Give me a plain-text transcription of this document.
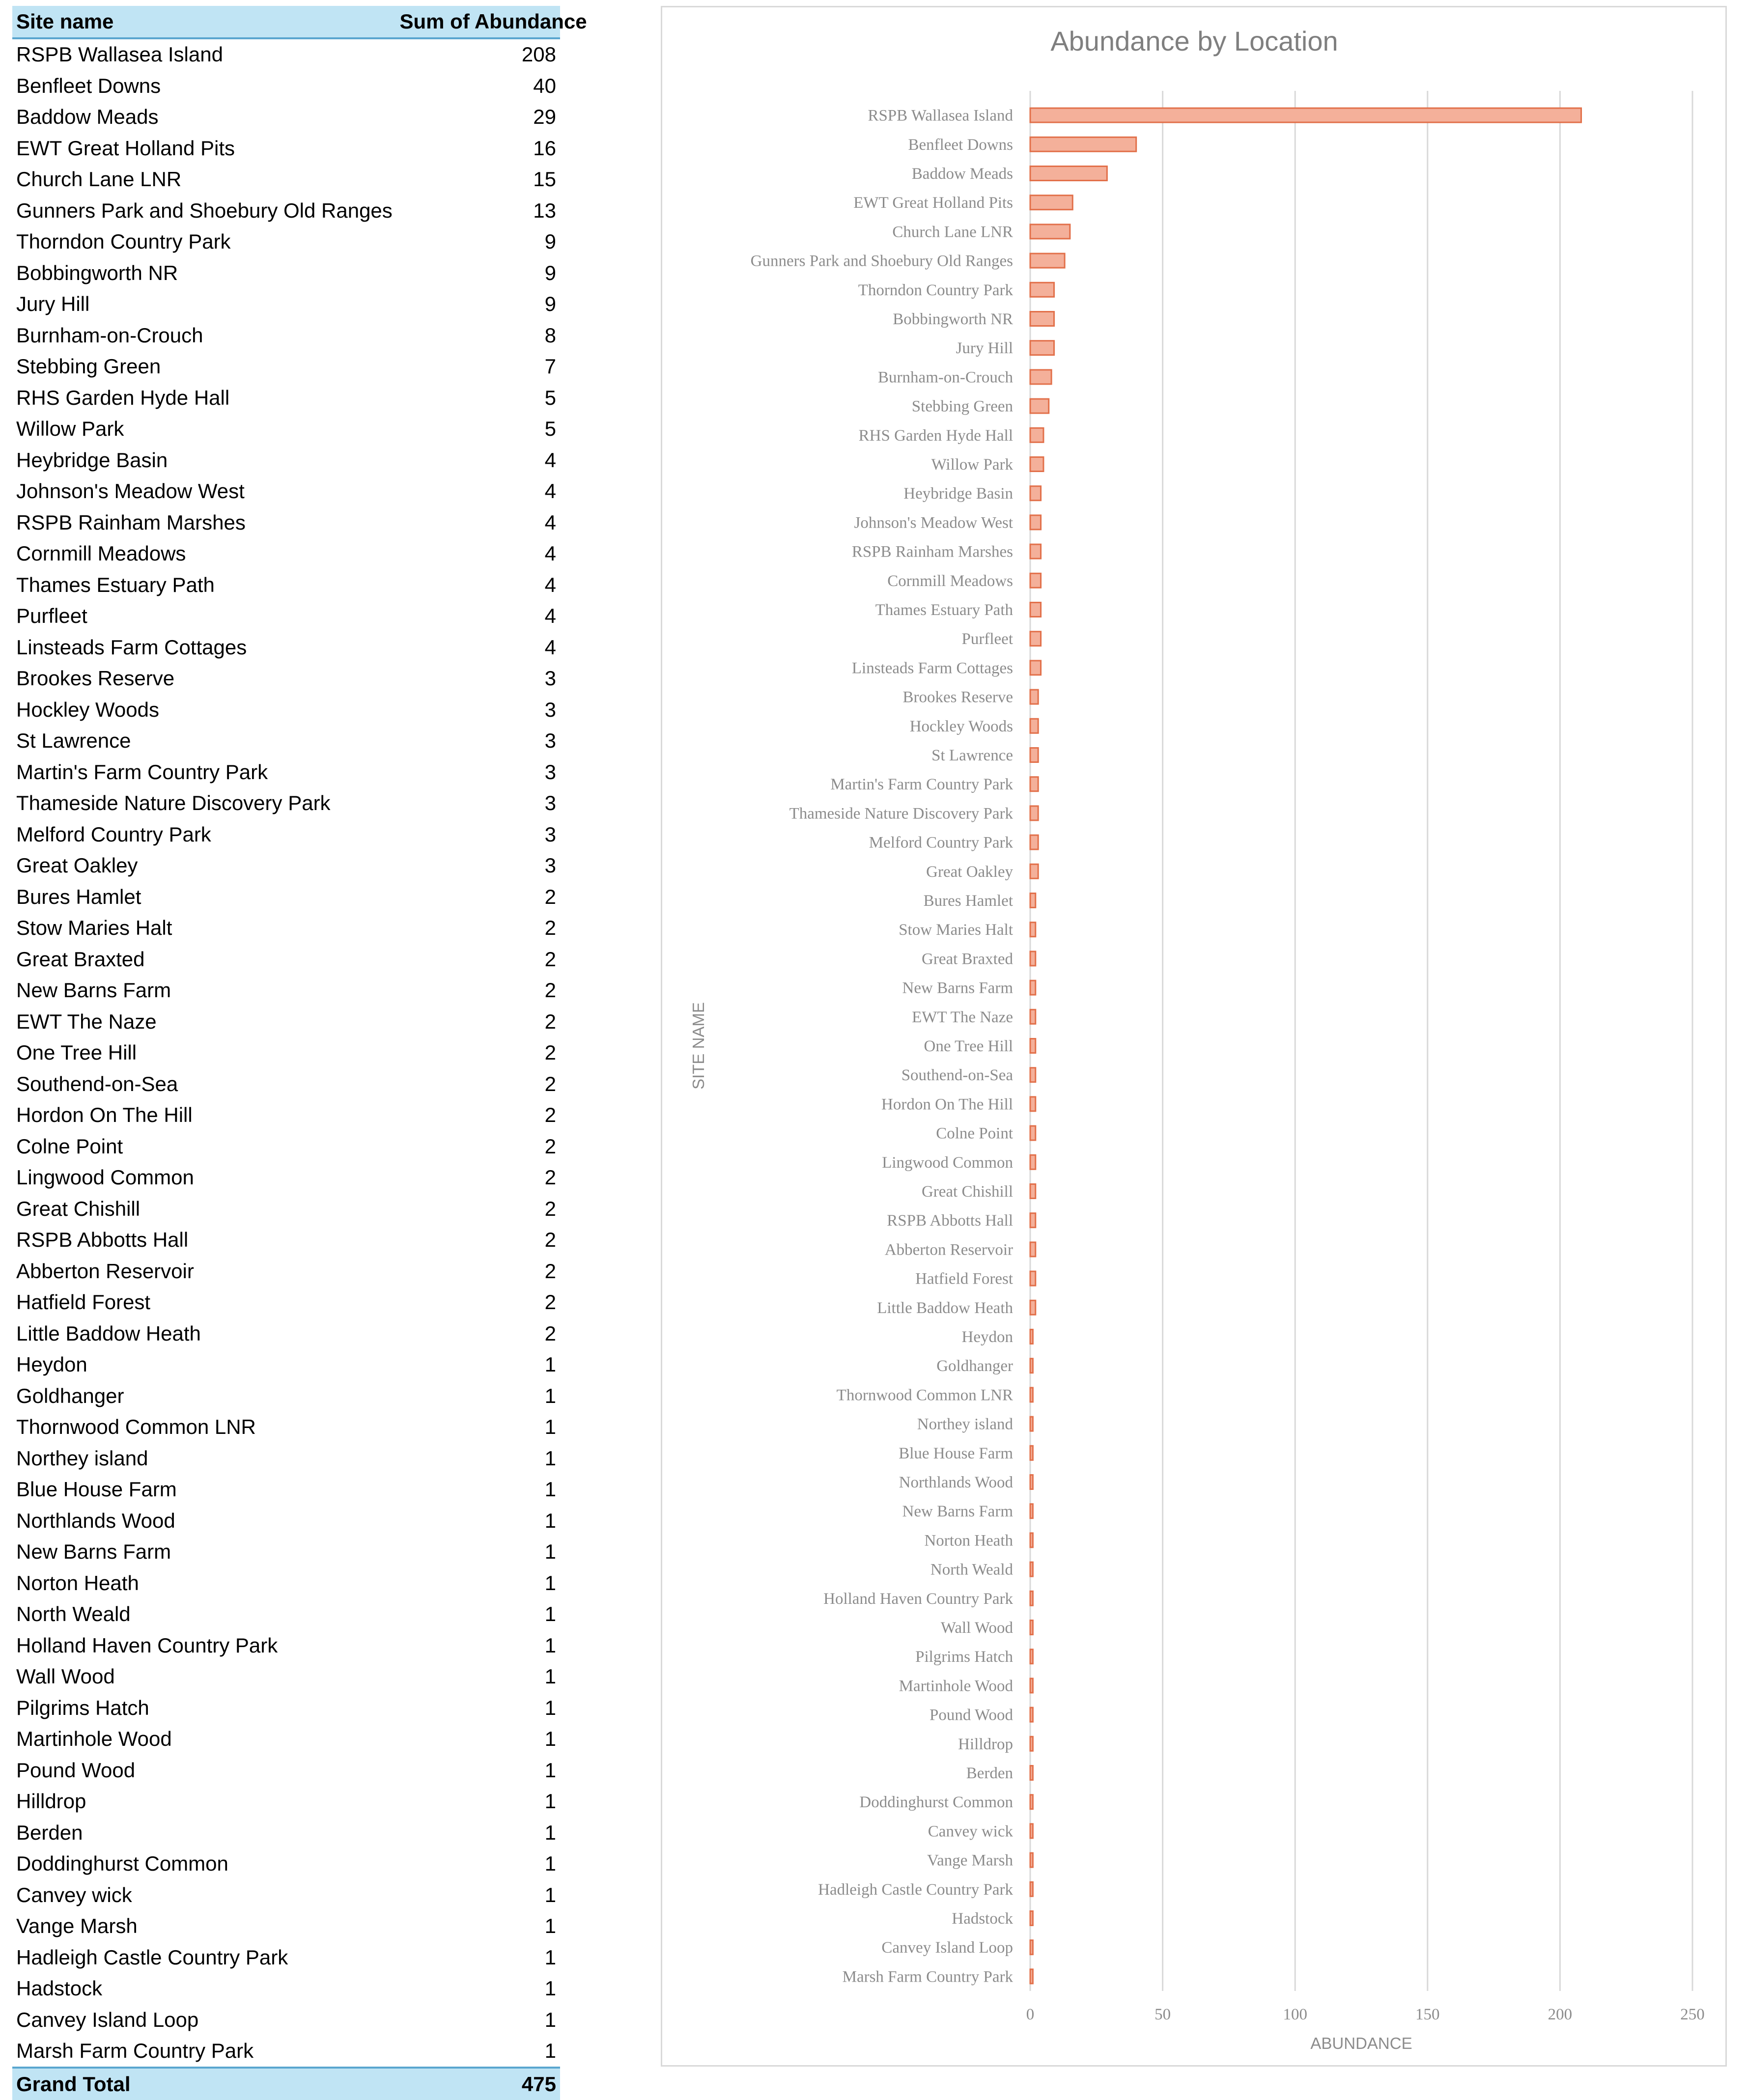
Site name	Sum of Abundance
RSPB Wallasea Island	208
Benfleet Downs	40
Baddow Meads	29
EWT Great Holland Pits	16
Church Lane LNR	15
Gunners Park and Shoebury Old Ranges	13
Thorndon Country Park	9
Bobbingworth NR	9
Jury Hill	9
Burnham-on-Crouch	8
Stebbing Green	7
RHS Garden Hyde Hall	5
Willow Park	5
Heybridge Basin	4
Johnson's Meadow West	4
RSPB Rainham Marshes	4
Cornmill Meadows	4
Thames Estuary Path	4
Purfleet	4
Linsteads Farm Cottages	4
Brookes Reserve	3
Hockley Woods	3
St Lawrence	3
Martin's Farm Country Park	3
Thameside Nature Discovery Park	3
Melford Country Park	3
Great Oakley	3
Bures Hamlet	2
Stow Maries Halt	2
Great Braxted	2
New Barns Farm	2
EWT The Naze	2
One Tree Hill	2
Southend-on-Sea	2
Hordon On The Hill	2
Colne Point	2
Lingwood Common	2
Great Chishill	2
RSPB Abbotts Hall	2
Abberton Reservoir	2
Hatfield Forest	2
Little Baddow Heath	2
Heydon	1
Goldhanger	1
Thornwood Common LNR	1
Northey island	1
Blue House Farm	1
Northlands Wood	1
New Barns Farm	1
Norton Heath	1
North Weald	1
Holland Haven Country Park	1
Wall Wood	1
Pilgrims Hatch	1
Martinhole Wood	1
Pound Wood	1
Hilldrop	1
Berden	1
Doddinghurst Common	1
Canvey wick	1
Vange Marsh	1
Hadleigh Castle Country Park	1
Hadstock	1
Canvey Island Loop	1
Marsh Farm Country Park	1
Grand Total	475
Abundance by Location
RSPB Wallasea Island
Benfleet Downs
Baddow Meads
EWT Great Holland Pits
Church Lane LNR
Gunners Park and Shoebury Old Ranges
Thorndon Country Park
Bobbingworth NR
Jury Hill
Burnham-on-Crouch
Stebbing Green
RHS Garden Hyde Hall
Willow Park
Heybridge Basin
Johnson's Meadow West
RSPB Rainham Marshes
Cornmill Meadows
Thames Estuary Path
Purfleet
Linsteads Farm Cottages
Brookes Reserve
Hockley Woods
St Lawrence
Martin's Farm Country Park
Thameside Nature Discovery Park
Melford Country Park
Great Oakley
Bures Hamlet
Stow Maries Halt
Great Braxted
New Barns Farm
EWT The Naze
One Tree Hill
Southend-on-Sea
Hordon On The Hill
Colne Point
Lingwood Common
Great Chishill
RSPB Abbotts Hall
Abberton Reservoir
Hatfield Forest
Little Baddow Heath
Heydon
Goldhanger
Thornwood Common LNR
Northey island
Blue House Farm
Northlands Wood
New Barns Farm
Norton Heath
North Weald
Holland Haven Country Park
Wall Wood
Pilgrims Hatch
Martinhole Wood
Pound Wood
Hilldrop
Berden
Doddinghurst Common
Canvey wick
Vange Marsh
Hadleigh Castle Country Park
Hadstock
Canvey Island Loop
Marsh Farm Country Park
0	50	100	150	200	250
ABUNDANCE
SITE NAME
